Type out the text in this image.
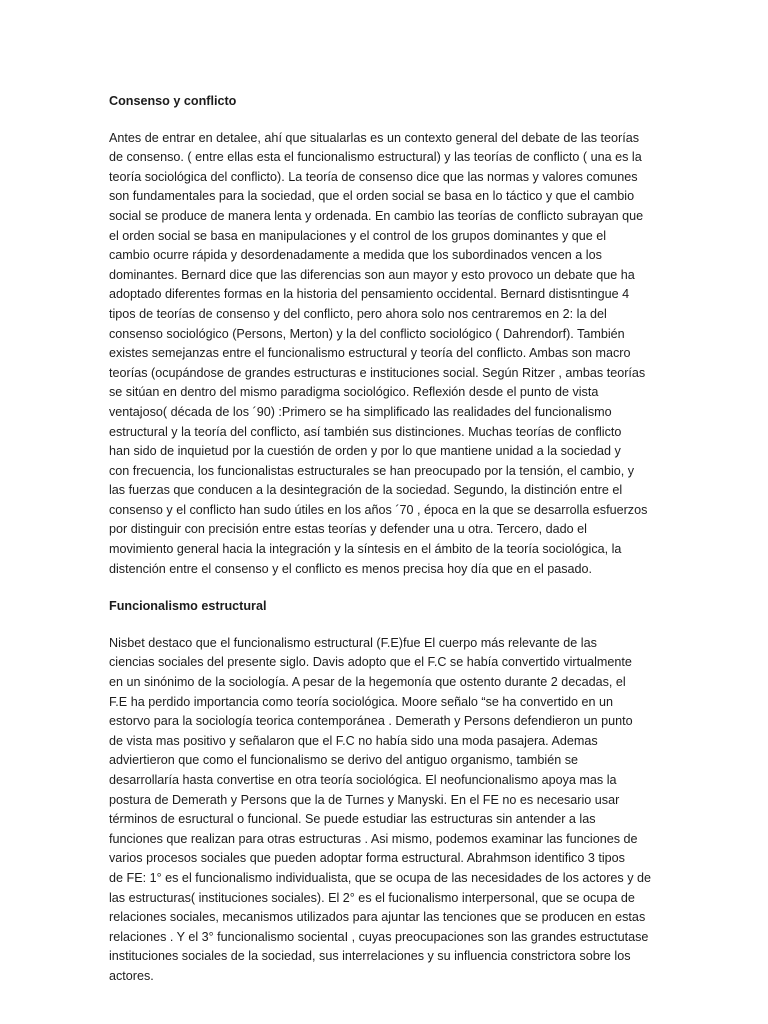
Consenso y conflicto

Antes de entrar en detalee, ahí que situalarlas es un contexto general del debate de las teorías
de consenso. ( entre ellas esta el funcionalismo estructural) y las teorías de conflicto ( una es la
teoría sociológica del conflicto). La teoría de consenso dice que las normas y valores comunes
son fundamentales para la sociedad, que el orden social se basa en lo táctico y que el cambio
social se produce de manera lenta y ordenada. En cambio las teorías de conflicto subrayan que
el orden social se basa en manipulaciones y el control de los grupos dominantes y que el
cambio ocurre rápida y desordenadamente a medida que los subordinados vencen a los
dominantes. Bernard dice que las diferencias son aun mayor y esto provoco un debate que ha
adoptado diferentes formas en la historia del pensamiento occidental. Bernard distisntingue 4
tipos de teorías de consenso y del conflicto, pero ahora solo nos centraremos en 2: la del
consenso sociológico (Persons, Merton) y la del conflicto sociológico ( Dahrendorf). También
existes semejanzas entre el funcionalismo estructural y teoría del conflicto. Ambas son macro
teorías (ocupándose de grandes estructuras e instituciones social. Según Ritzer , ambas teorías
se sitúan en dentro del mismo paradigma sociológico. Reflexión desde el punto de vista
ventajoso( década de los ´90) :Primero se ha simplificado las realidades del funcionalismo
estructural y la teoría del conflicto, así también sus distinciones. Muchas teorías de conflicto
han sido de inquietud por la cuestión de orden y por lo que mantiene unidad a la sociedad y
con frecuencia, los funcionalistas estructurales se han preocupado por la tensión, el cambio, y
las fuerzas que conducen a la desintegración de la sociedad. Segundo, la distinción entre el
consenso y el conflicto han sudo útiles en los años ´70 , época en la que se desarrolla esfuerzos
por distinguir con precisión entre estas teorías y defender una u otra. Tercero, dado el
movimiento general hacia la integración y la síntesis en el ámbito de la teoría sociológica, la
distención entre el consenso y el conflicto es menos precisa hoy día que en el pasado.

Funcionalismo estructural

Nisbet destaco que el funcionalismo estructural (F.E)fue El cuerpo más relevante de las
ciencias sociales del presente siglo. Davis adopto que el F.C se había convertido virtualmente
en un sinónimo de la sociología. A pesar de la hegemonía que ostento durante 2 decadas, el
F.E ha perdido importancia como teoría sociológica. Moore señalo “se ha convertido en un
estorvo para la sociología teorica contemporánea . Demerath y Persons defendieron un punto
de vista mas positivo y señalaron que el F.C no había sido una moda pasajera. Ademas
adviertieron que como el funcionalismo se derivo del antiguo organismo, también se
desarrollaría hasta convertise en otra teoría sociológica. El neofuncionalismo apoya mas la
postura de Demerath y Persons que la de Turnes y Manyski. En el FE no es necesario usar
términos de esructural o funcional. Se puede estudiar las estructuras sin antender a las
funciones que realizan para otras estructuras . Asi mismo, podemos examinar las funciones de
varios procesos sociales que pueden adoptar forma estructural. Abrahmson identifico 3 tipos
de FE: 1° es el funcionalismo individualista, que se ocupa de las necesidades de los actores y de
las estructuras( instituciones sociales). El 2° es el fucionalismo interpersonal, que se ocupa de
relaciones sociales, mecanismos utilizados para ajuntar las tenciones que se producen en estas
relaciones . Y el 3° funcionalismo socientaI , cuyas preocupaciones son las grandes estructutase
instituciones sociales de la sociedad, sus interrelaciones y su influencia constrictora sobre los
actores.
